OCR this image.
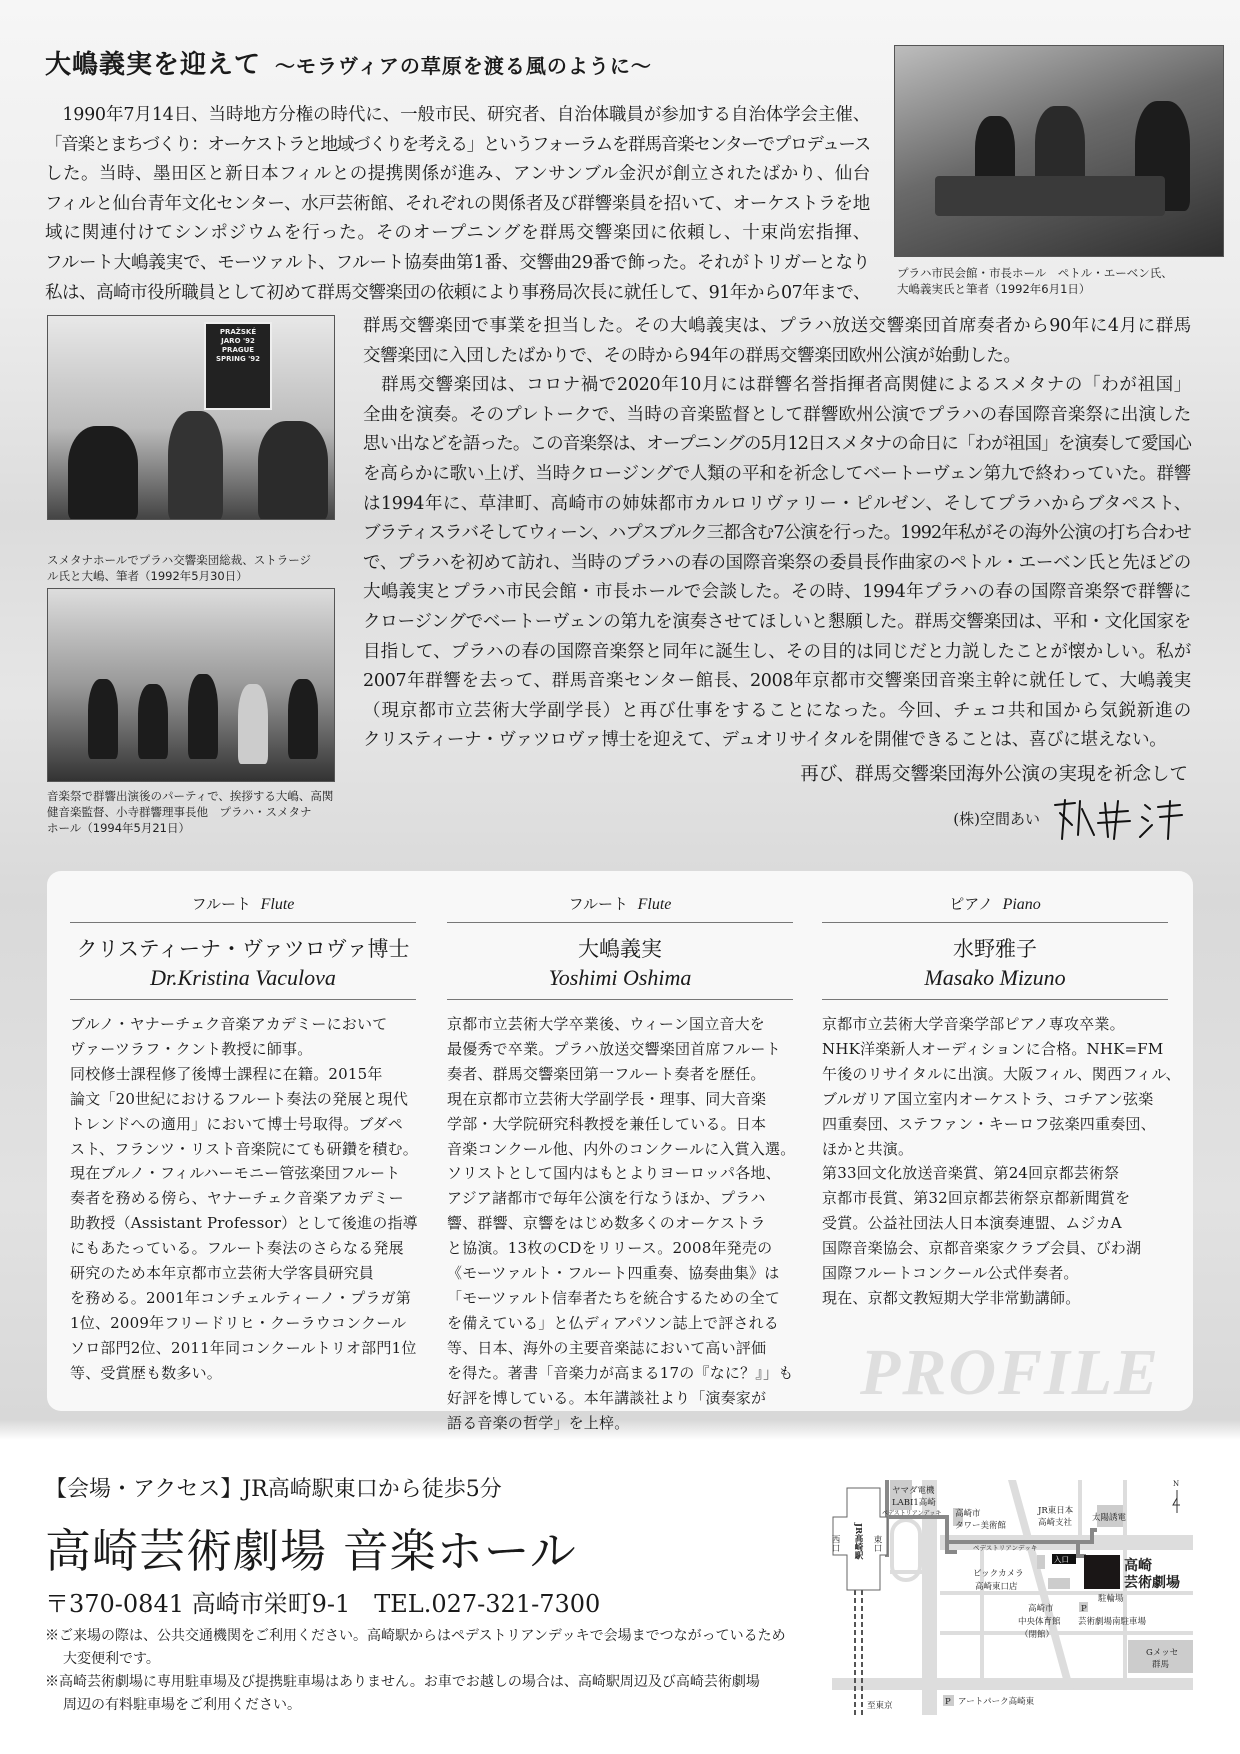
大嶋義実を迎えて 〜モラヴィアの草原を渡る風のように〜
　1990年7月14日、当時地方分権の時代に、一般市民、研究者、自治体職員が参加する自治体学会主催、
「音楽とまちづくり：オーケストラと地域づくりを考える」というフォーラムを群馬音楽センターでプロデュース
した。当時、墨田区と新日本フィルとの提携関係が進み、アンサンブル金沢が創立されたばかり、仙台
フィルと仙台青年文化センター、水戸芸術館、それぞれの関係者及び群響楽員を招いて、オーケストラを地
域に関連付けてシンポジウムを行った。そのオープニングを群馬交響楽団に依頼し、十束尚宏指揮、
フルート大嶋義実で、モーツァルト、フルート協奏曲第1番、交響曲29番で飾った。それがトリガーとなり
私は、高崎市役所職員として初めて群馬交響楽団の依頼により事務局次長に就任して、91年から07年まで、
群馬交響楽団で事業を担当した。その大嶋義実は、プラハ放送交響楽団首席奏者から90年に4月に群馬
交響楽団に入団したばかりで、その時から94年の群馬交響楽団欧州公演が始動した。
　群馬交響楽団は、コロナ禍で2020年10月には群響名誉指揮者高関健によるスメタナの「わが祖国」
全曲を演奏。そのプレトークで、当時の音楽監督として群響欧州公演でプラハの春国際音楽祭に出演した
思い出などを語った。この音楽祭は、オープニングの5月12日スメタナの命日に「わが祖国」を演奏して愛国心
を高らかに歌い上げ、当時クロージングで人類の平和を祈念してベートーヴェン第九で終わっていた。群響
は1994年に、草津町、高崎市の姉妹都市カルロリヴァリー・ピルゼン、そしてプラハからブタペスト、
ブラティスラバそしてウィーン、ハプスブルク三都含む7公演を行った。1992年私がその海外公演の打ち合わせ
で、プラハを初めて訪れ、当時のプラハの春の国際音楽祭の委員長作曲家のペトル・エーベン氏と先ほどの
大嶋義実とプラハ市民会館・市長ホールで会談した。その時、1994年プラハの春の国際音楽祭で群響に
クロージングでベートーヴェンの第九を演奏させてほしいと懇願した。群馬交響楽団は、平和・文化国家を
目指して、プラハの春の国際音楽祭と同年に誕生し、その目的は同じだと力説したことが懐かしい。私が
2007年群響を去って、群馬音楽センター館長、2008年京都市交響楽団音楽主幹に就任して、大嶋義実
（現京都市立芸術大学副学長）と再び仕事をすることになった。今回、チェコ共和国から気鋭新進の
クリスティーナ・ヴァツロヴァ博士を迎えて、デュオリサイタルを開催できることは、喜びに堪えない。
プラハ市民会館・市長ホール　ペトル・エーベン氏、
大嶋義実氏と筆者（1992年6月1日）
PRAŽSKÉ JARO '92 PRAGUE SPRING '92
スメタナホールでプラハ交響楽団総裁、ストラージ
ル氏と大嶋、筆者（1992年5月30日）
音楽祭で群響出演後のパーティで、挨拶する大嶋、高関
健音楽監督、小寺群響理事長他　プラハ・スメタナ
ホール（1994年5月21日）
再び、群馬交響楽団海外公演の実現を祈念して
(株)空間あい
PROFILE
フルート Flute
クリスティーナ・ヴァツロヴァ博士
Dr.Kristina Vaculova
ブルノ・ヤナーチェク音楽アカデミーにおいて
ヴァーツラフ・クント教授に師事。
同校修士課程修了後博士課程に在籍。2015年
論文「20世紀におけるフルート奏法の発展と現代
トレンドへの適用」において博士号取得。ブダペ
スト、フランツ・リスト音楽院にても研鑽を積む。
現在ブルノ・フィルハーモニー管弦楽団フルート
奏者を務める傍ら、ヤナーチェク音楽アカデミー
助教授（Assistant Professor）として後進の指導
にもあたっている。フルート奏法のさらなる発展
研究のため本年京都市立芸術大学客員研究員
を務める。2001年コンチェルティーノ・プラガ第
1位、2009年フリードリヒ・クーラウコンクール
ソロ部門2位、2011年同コンクールトリオ部門1位
等、受賞歴も数多い。
フルート Flute
大嶋義実
Yoshimi Oshima
京都市立芸術大学卒業後、ウィーン国立音大を
最優秀で卒業。プラハ放送交響楽団首席フルート
奏者、群馬交響楽団第一フルート奏者を歴任。
現在京都市立芸術大学副学長・理事、同大音楽
学部・大学院研究科教授を兼任している。日本
音楽コンクール他、内外のコンクールに入賞入選。
ソリストとして国内はもとよりヨーロッパ各地、
アジア諸都市で毎年公演を行なうほか、プラハ
響、群響、京響をはじめ数多くのオーケストラ
と協演。13枚のCDをリリース。2008年発売の
《モーツァルト・フルート四重奏、協奏曲集》は
「モーツァルト信奉者たちを統合するための全て
を備えている」と仏ディアパソン誌上で評される
等、日本、海外の主要音楽誌において高い評価
を得た。著書「音楽力が高まる17の『なに？』」も
好評を博している。本年講談社より「演奏家が
語る音楽の哲学」を上梓。
ピアノ Piano
水野雅子
Masako Mizuno
京都市立芸術大学音楽学部ピアノ専攻卒業。
NHK洋楽新人オーディションに合格。NHK=FM
午後のリサイタルに出演。大阪フィル、関西フィル、
ブルガリア国立室内オーケストラ、コチアン弦楽
四重奏団、ステファン・キーロフ弦楽四重奏団、
ほかと共演。
第33回文化放送音楽賞、第24回京都芸術祭
京都市長賞、第32回京都芸術祭京都新聞賞を
受賞。公益社団法人日本演奏連盟、ムジカA
国際音楽協会、京都音楽家クラブ会員、びわ湖
国際フルートコンクール公式伴奏者。
現在、京都文教短期大学非常勤講師。
【会場・アクセス】JR高崎駅東口から徒歩5分
高崎芸術劇場 音楽ホール
〒370-0841 高崎市栄町9-1　TEL.027-321-7300
※ご来場の際は、公共交通機関をご利用ください。高崎駅からはペデストリアンデッキで会場までつながっているため
大変便利です。
※高崎芸術劇場に専用駐車場及び提携駐車場はありません。お車でお越しの場合は、高崎駅周辺及び高崎芸術劇場
周辺の有料駐車場をご利用ください。
入口
西口 JR高崎駅 東口
ヤマダ電機
LABI1高崎
ペデストリアンデッキ 高崎市
タワー美術館
JR東日本
高崎支社 太陽誘電
ペデストリアンデッキ
ビックカメラ
高崎東口店
高崎
芸術劇場
駐輪場
P
芸術劇場南駐車場
高崎市
中央体育館
（閉館）
Gメッセ
群馬
P アートパーク高崎東
至東京
N
